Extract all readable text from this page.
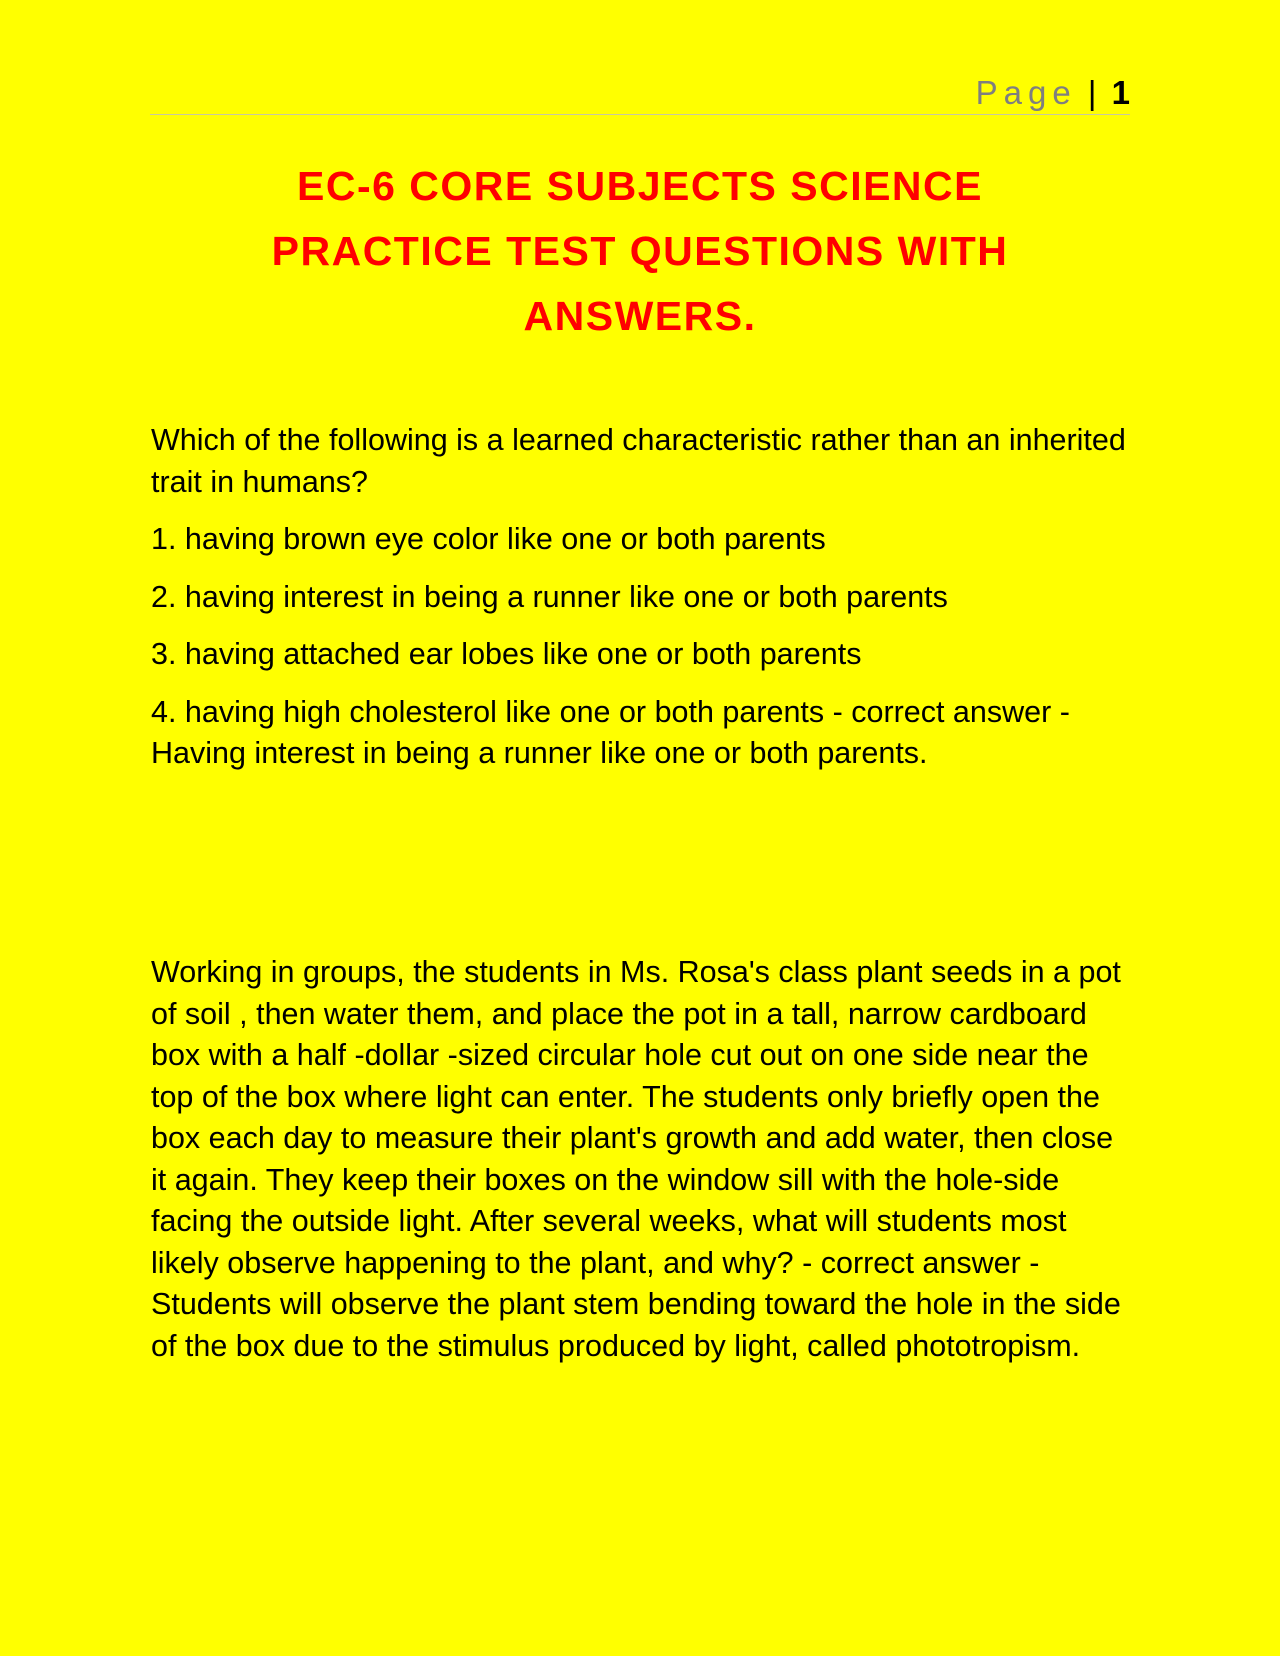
Page | 1
EC-6 CORE SUBJECTS SCIENCE
PRACTICE TEST QUESTIONS WITH
ANSWERS.

Which of the following is a learned characteristic rather than an inherited trait in humans?

1. having brown eye color like one or both parents

2. having interest in being a runner like one or both parents

3. having attached ear lobes like one or both parents

4. having high cholesterol like one or both parents - correct answer -Having interest in being a runner like one or both parents.

Working in groups, the students in Ms. Rosa's class plant seeds in a pot of soil , then water them, and place the pot in a tall, narrow cardboard box with a half -dollar -sized circular hole cut out on one side near the top of the box where light can enter. The students only briefly open the box each day to measure their plant's growth and add water, then close it again. They keep their boxes on the window sill with the hole-side facing the outside light. After several weeks, what will students most likely observe happening to the plant, and why? - correct answer -Students will observe the plant stem bending toward the hole in the side of the box due to the stimulus produced by light, called phototropism.
